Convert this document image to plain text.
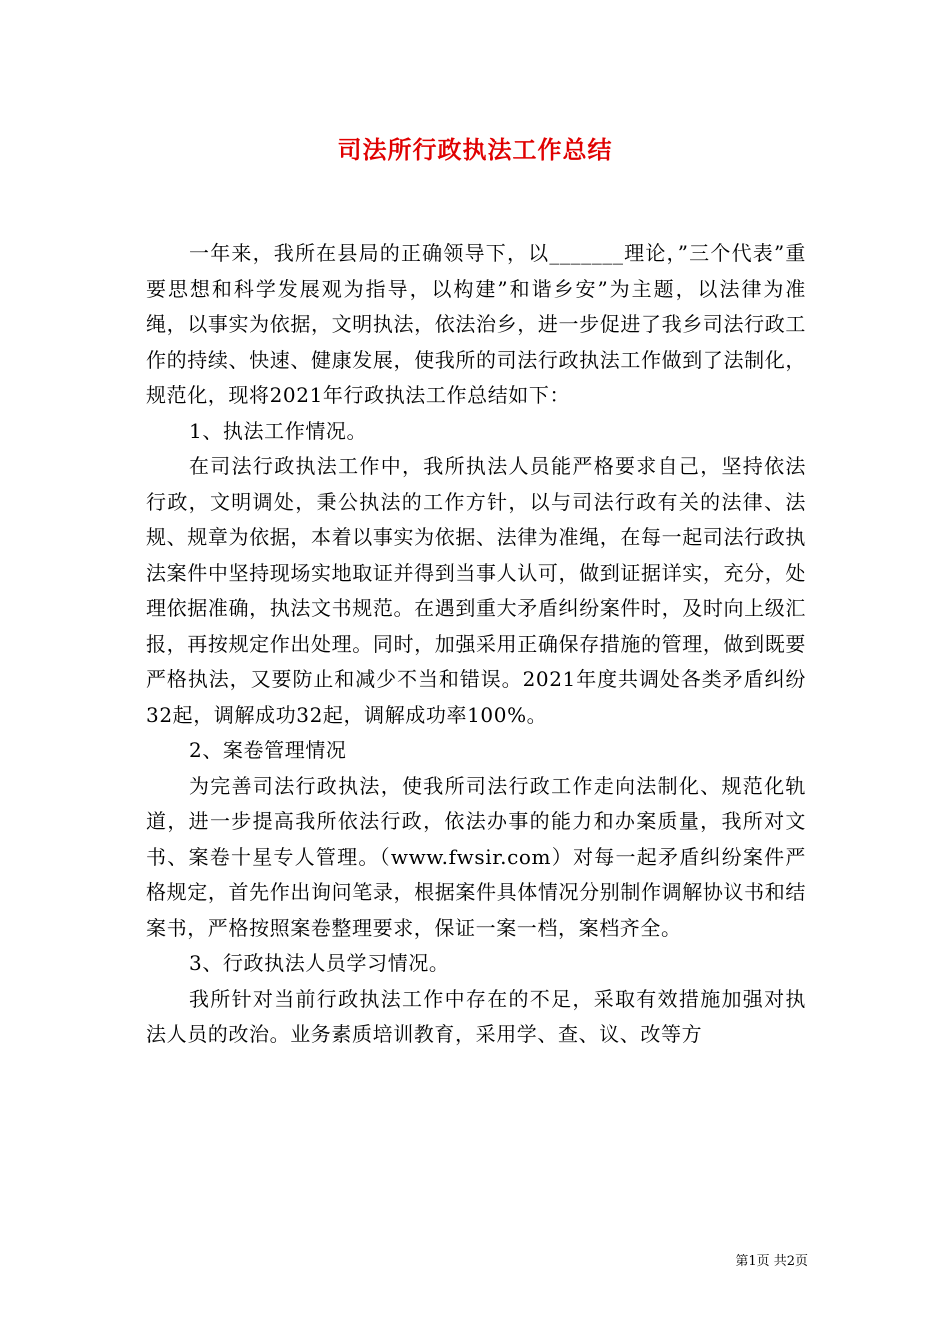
司法所行政执法工作总结

一年来，我所在县局的正确领导下，以_______理论，”三个代表”重要思想和科学发展观为指导，以构建”和谐乡安”为主题，以法律为准绳，以事实为依据，文明执法，依法治乡，进一步促进了我乡司法行政工作的持续、快速、健康发展，使我所的司法行政执法工作做到了法制化，规范化，现将2021年行政执法工作总结如下：

1、执法工作情况。

在司法行政执法工作中，我所执法人员能严格要求自己，坚持依法行政，文明调处，秉公执法的工作方针，以与司法行政有关的法律、法规、规章为依据，本着以事实为依据、法律为准绳，在每一起司法行政执法案件中坚持现场实地取证并得到当事人认可，做到证据详实，充分，处理依据准确，执法文书规范。在遇到重大矛盾纠纷案件时，及时向上级汇报，再按规定作出处理。同时，加强采用正确保存措施的管理，做到既要严格执法，又要防止和减少不当和错误。2021年度共调处各类矛盾纠纷32起，调解成功32起，调解成功率100%。

2、案卷管理情况

为完善司法行政执法，使我所司法行政工作走向法制化、规范化轨道，进一步提高我所依法行政，依法办事的能力和办案质量，我所对文书、案卷十星专人管理。（www.fwsir.com）对每一起矛盾纠纷案件严格规定，首先作出询问笔录，根据案件具体情况分别制作调解协议书和结案书，严格按照案卷整理要求，保证一案一档，案档齐全。

3、行政执法人员学习情况。

我所针对当前行政执法工作中存在的不足，采取有效措施加强对执法人员的改治。业务素质培训教育，采用学、查、议、改等方

第1页 共2页
